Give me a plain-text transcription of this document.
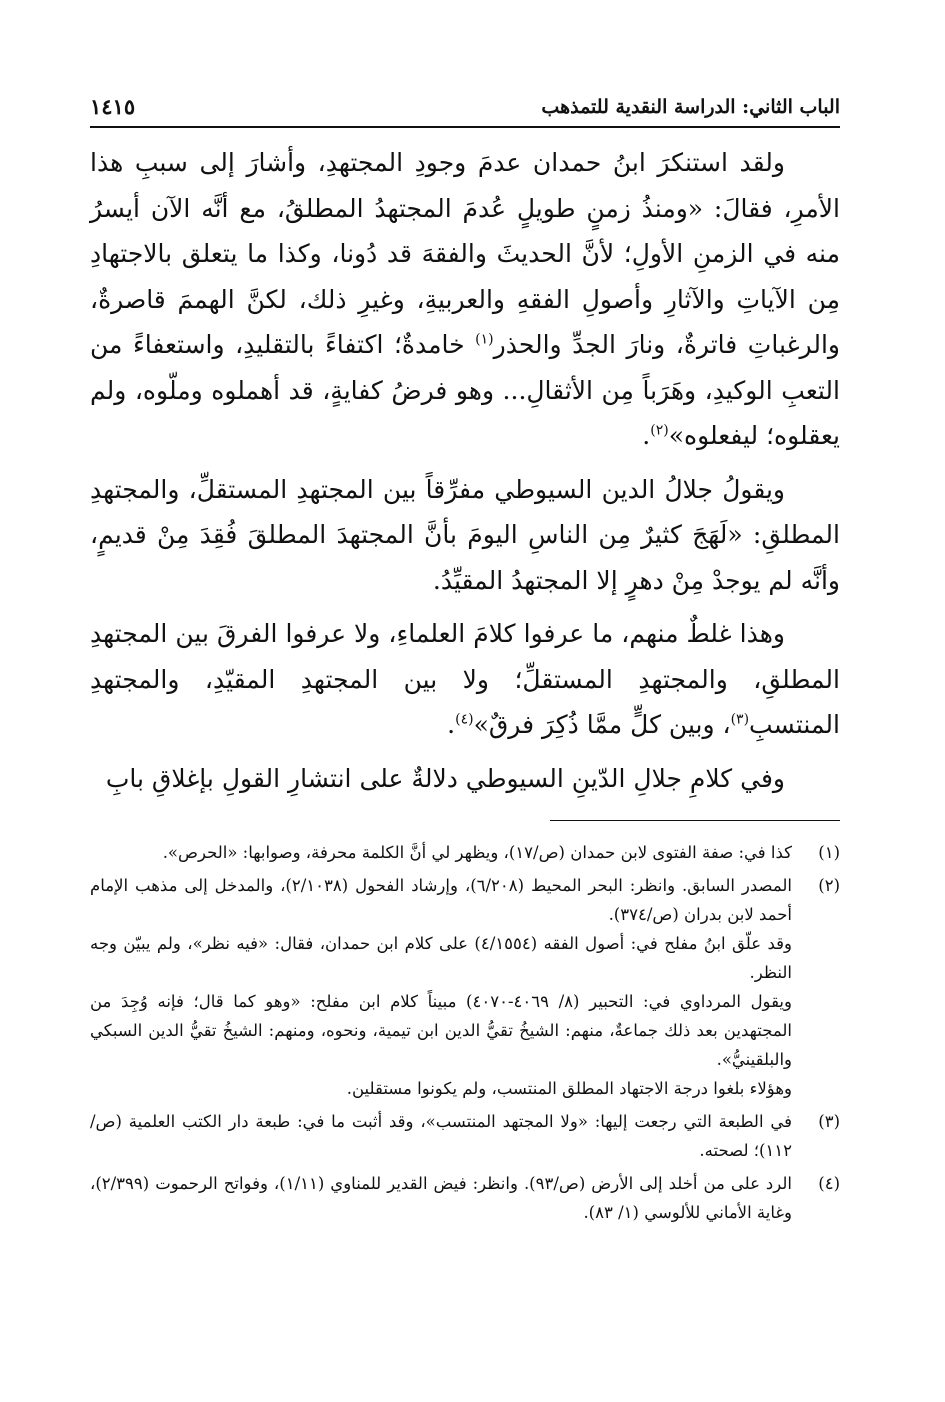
الباب الثاني: الدراسة النقدية للتمذهب
١٤١٥

ولقد استنكرَ ابنُ حمدان عدمَ وجودِ المجتهدِ، وأشارَ إلى سببِ هذا الأمرِ، فقالَ: «ومنذُ زمنٍ طويلٍ عُدمَ المجتهدُ المطلقُ، مع أنَّه الآن أيسرُ منه في الزمنِ الأولِ؛ لأنَّ الحديثَ والفقهَ قد دُونا، وكذا ما يتعلق بالاجتهادِ مِن الآياتِ والآثارِ وأصولِ الفقهِ والعربيةِ، وغيرِ ذلك، لكنَّ الهممَ قاصرةٌ، والرغباتِ فاترةٌ، ونارَ الجدِّ والحذر$^{(١)}$ خامدةٌ؛ اكتفاءً بالتقليدِ، واستعفاءً من التعبِ الوكيدِ، وهَرَباً مِن الأثقالِ... وهو فرضُ كفايةٍ، قد أهملوه وملّوه، ولم يعقلوه؛ ليفعلوه»$^{(٢)}$.

ويقولُ جلالُ الدين السيوطي مفرِّقاً بين المجتهدِ المستقلِّ، والمجتهدِ المطلقِ: «لَهَجَ كثيرٌ مِن الناسِ اليومَ بأنَّ المجتهدَ المطلقَ فُقِدَ مِنْ قديمٍ، وأنَّه لم يوجدْ مِنْ دهرٍ إلا المجتهدُ المقيِّدُ.

وهذا غلطٌ منهم، ما عرفوا كلامَ العلماءِ، ولا عرفوا الفرقَ بين المجتهدِ المطلقِ، والمجتهدِ المستقلِّ؛ ولا بين المجتهدِ المقيّدِ، والمجتهدِ المنتسبِ$^{(٣)}$، وبين كلٍّ ممَّا ذُكِرَ فرقٌ»$^{(٤)}$.

وفي كلامِ جلالِ الدّينِ السيوطي دلالةٌ على انتشارِ القولِ بإغلاقِ بابِ

(١)

كذا في: صفة الفتوى لابن حمدان (ص/١٧)، ويظهر لي أنَّ الكلمة محرفة، وصوابها: «الحرص».

(٢)

المصدر السابق. وانظر: البحر المحيط (٦/٢٠٨)، وإرشاد الفحول (٢/١٠٣٨)، والمدخل إلى مذهب الإمام أحمد لابن بدران (ص/٣٧٤).

وقد علّق ابنُ مفلح في: أصول الفقه (٤/١٥٥٤) على كلام ابن حمدان، فقال: «فيه نظر»، ولم يبيّن وجه النظر.

ويقول المرداوي في: التحبير (٨/ ٤٠٦٩-٤٠٧٠) مبيناً كلام ابن مفلح: «وهو كما قال؛ فإنه وُجِدَ من المجتهدين بعد ذلك جماعةٌ، منهم: الشيخُ تقيُّ الدين ابن تيمية، ونحوه، ومنهم: الشيخُ تقيُّ الدين السبكي والبلقينيُّ».

وهؤلاء بلغوا درجة الاجتهاد المطلق المنتسب، ولم يكونوا مستقلين.

(٣)

في الطبعة التي رجعت إليها: «ولا المجتهد المنتسب»، وقد أثبت ما في: طبعة دار الكتب العلمية (ص/١١٢)؛ لصحته.

(٤)

الرد على من أخلد إلى الأرض (ص/٩٣). وانظر: فيض القدير للمناوي (١/١١)، وفواتح الرحموت (٢/٣٩٩)، وغاية الأماني للألوسي (١/ ٨٣).
